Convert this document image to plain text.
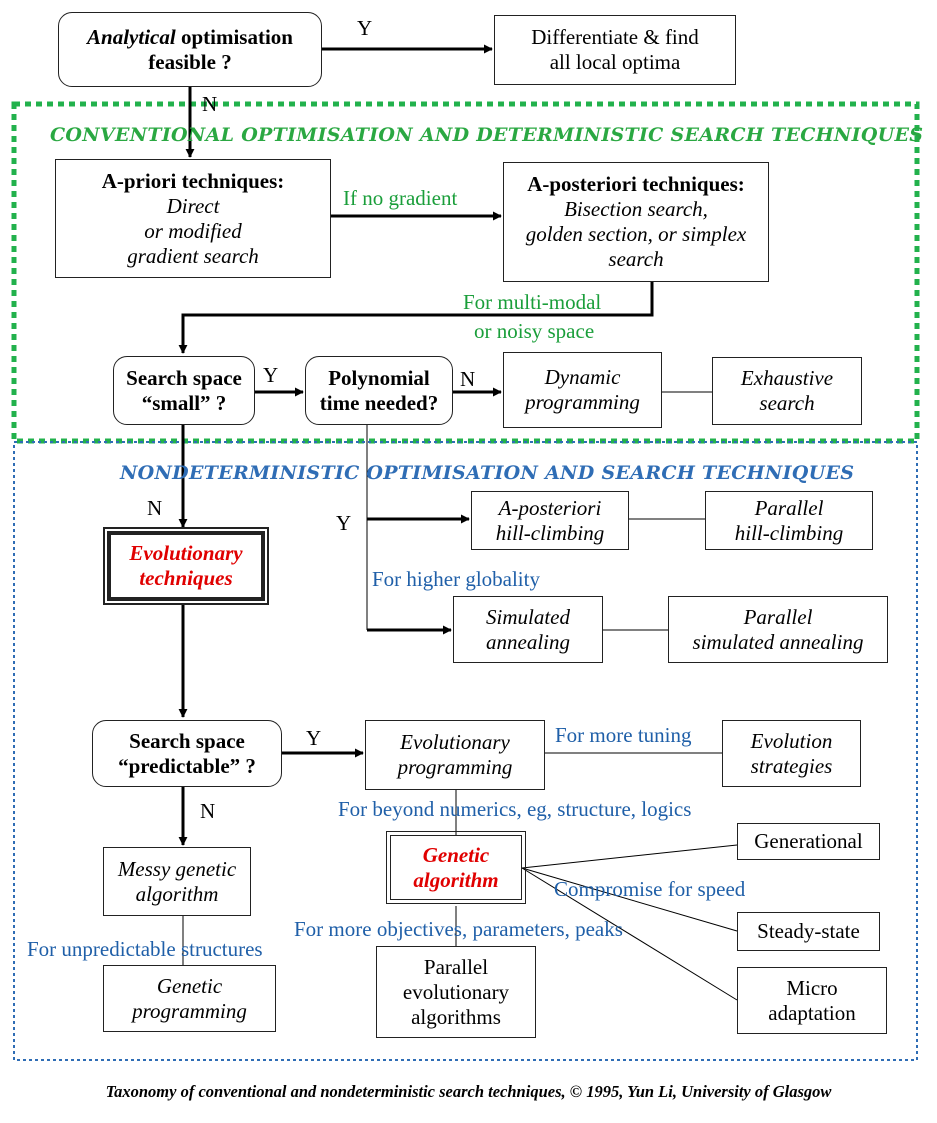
CONVENTIONAL OPTIMISATION AND DETERMINISTIC SEARCH TECHNIQUES
NONDETERMINISTIC OPTIMISATION AND SEARCH TECHNIQUES
Analytical optimisation
feasible ?
Differentiate & find
all local optima
A-priori techniques:
Direct
or modified
gradient search
A-posteriori techniques:
Bisection search,
golden section, or simplex
search
Search space
“small” ?
Polynomial
time needed?
Dynamic
programming
Exhaustive
search
Evolutionary
techniques
A-posteriori
hill-climbing
Parallel
hill-climbing
Simulated
annealing
Parallel
simulated annealing
Search space
“predictable” ?
Evolutionary
programming
Evolution
strategies
Messy genetic
algorithm
Genetic
algorithm
Generational
Steady-state
Micro
adaptation
Genetic
programming
Parallel
evolutionary
algorithms
Y
N
If no gradient
For multi-modal
or noisy space
Y	N
N
Y
For higher globality
Y	For more tuning
For beyond numerics, eg, structure, logics
N
Compromise for speed
For more objectives, parameters, peaks
For unpredictable structures
Taxonomy of conventional and nondeterministic search techniques, © 1995, Yun Li, University of Glasgow
